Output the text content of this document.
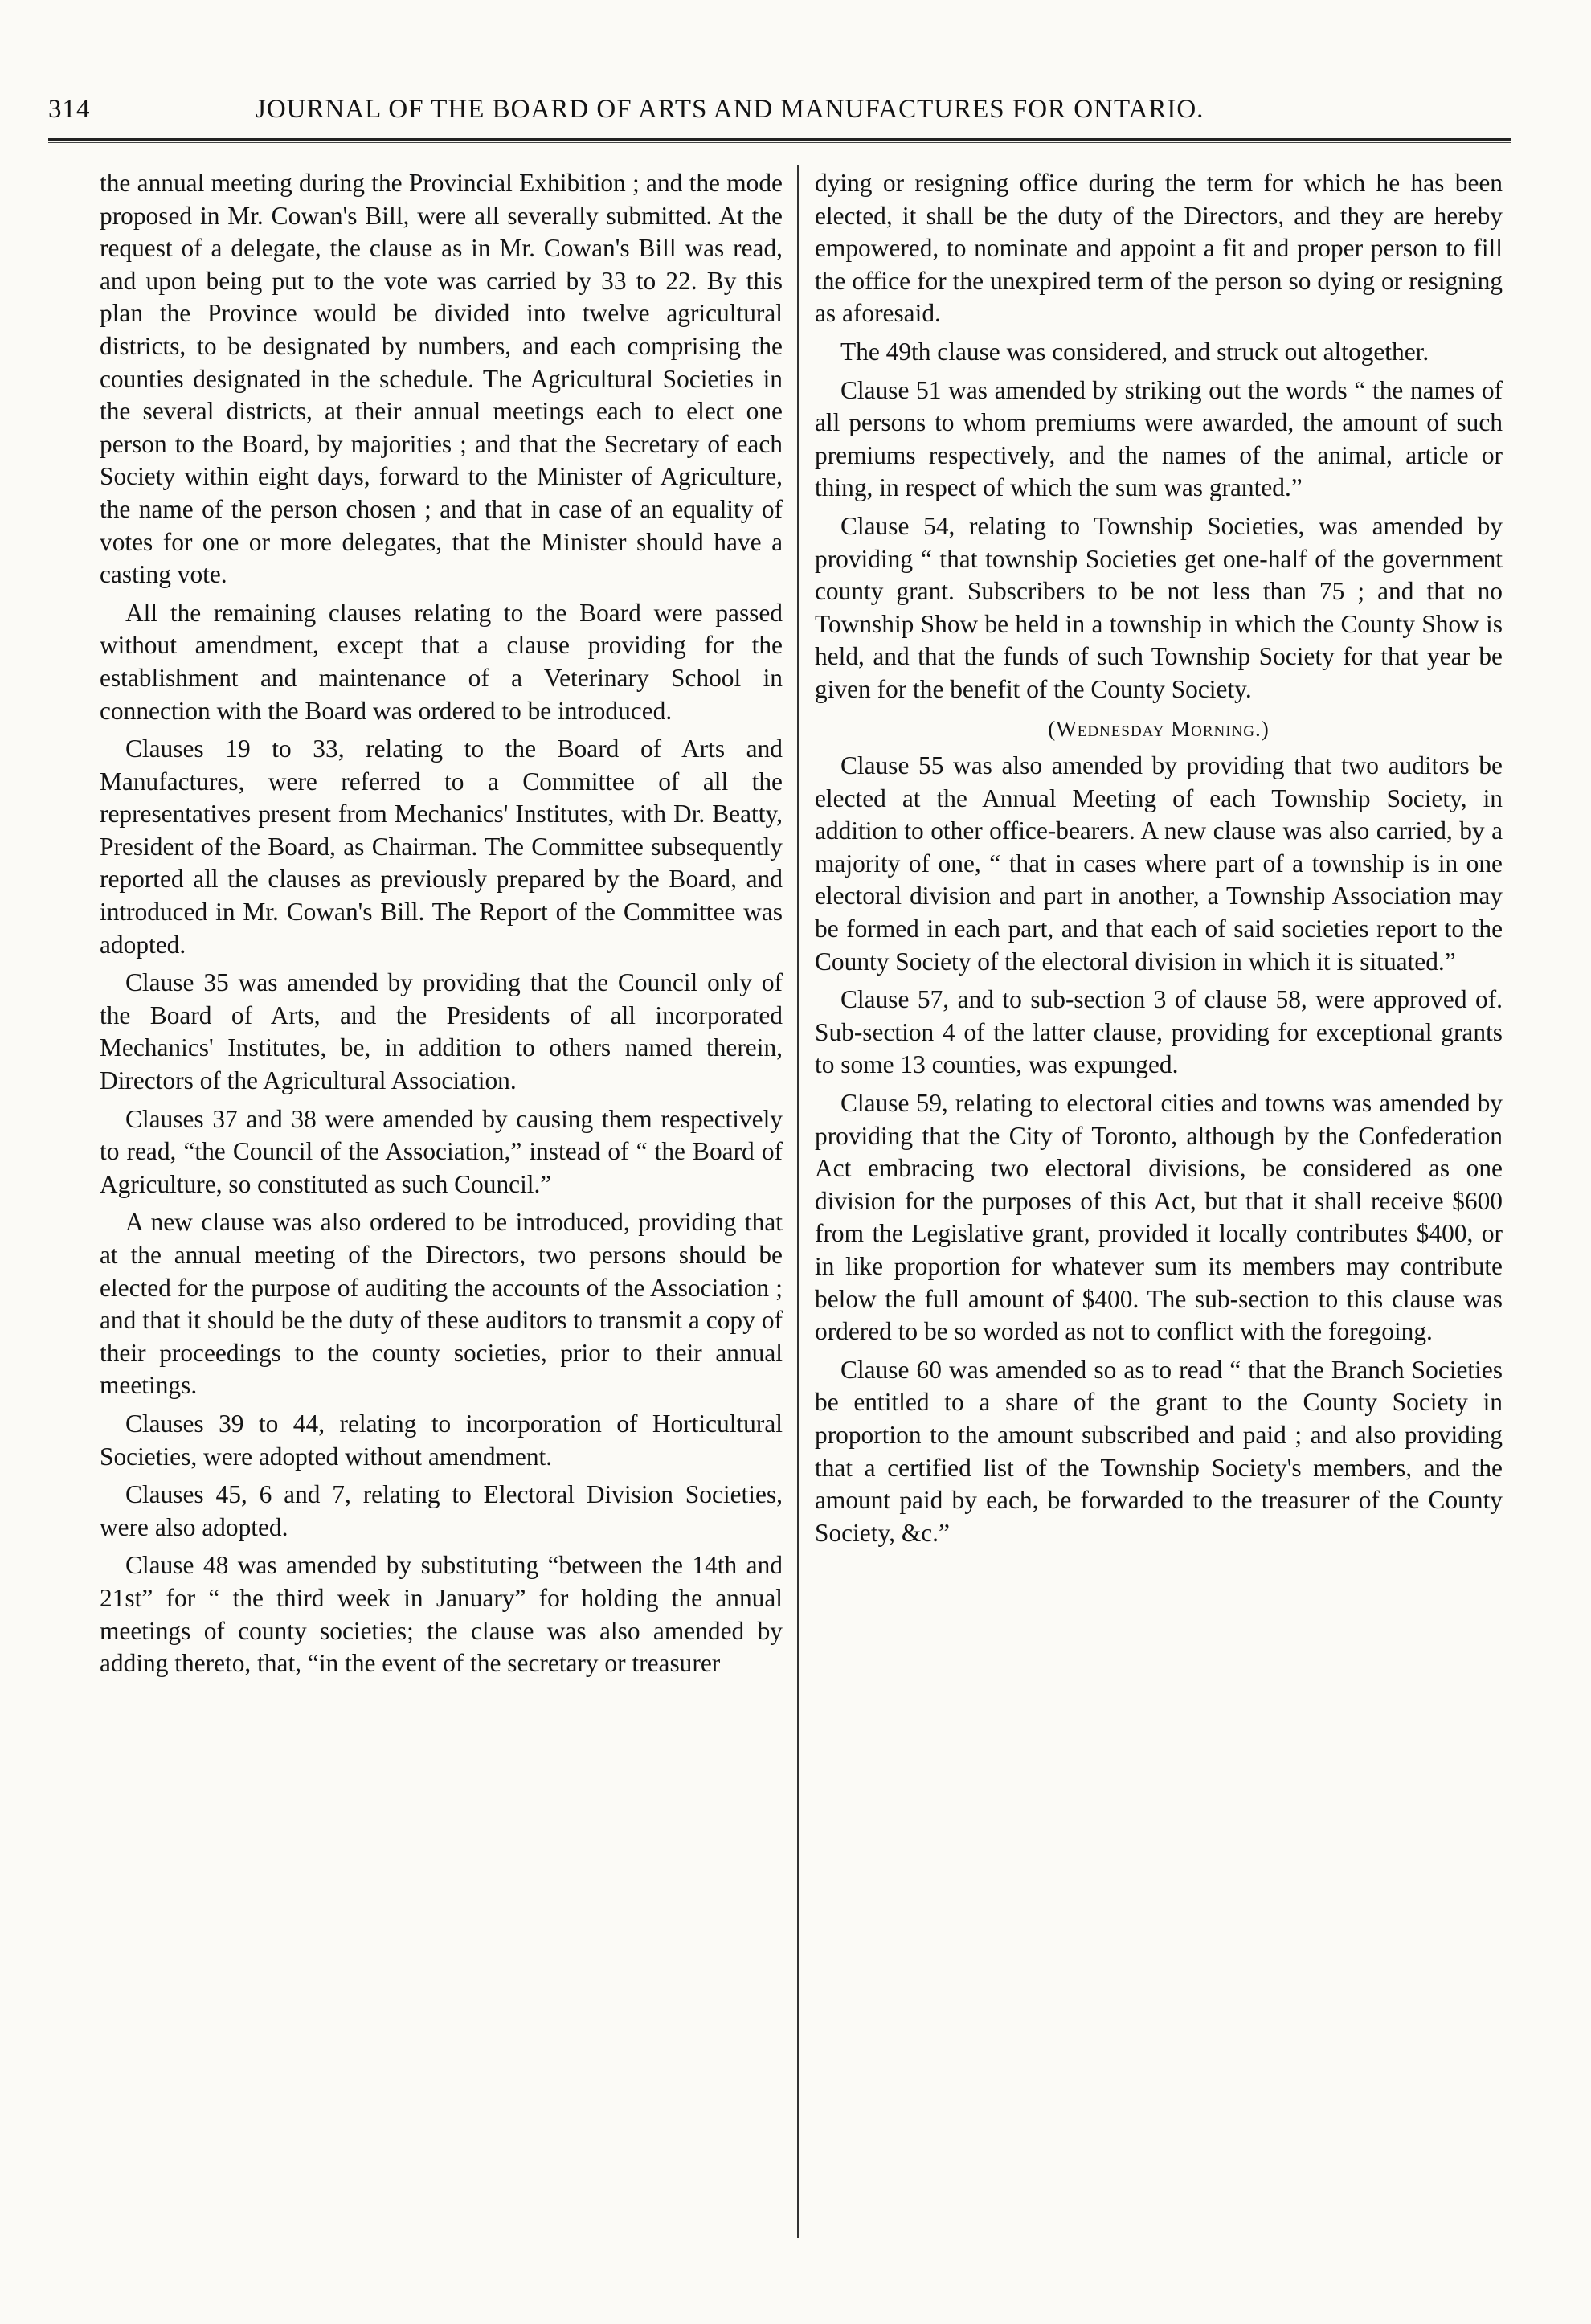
314	JOURNAL OF THE BOARD OF ARTS AND MANUFACTURES FOR ONTARIO.

the annual meeting during the Provincial Exhibition ; and the mode proposed in Mr. Cowan's Bill, were all severally submitted. At the request of a delegate, the clause as in Mr. Cowan's Bill was read, and upon being put to the vote was carried by 33 to 22. By this plan the Province would be divided into twelve agricultural districts, to be designated by numbers, and each comprising the counties designated in the schedule. The Agricultural Societies in the several districts, at their annual meetings each to elect one person to the Board, by majorities ; and that the Secretary of each Society within eight days, forward to the Minister of Agriculture, the name of the person chosen ; and that in case of an equality of votes for one or more delegates, that the Minister should have a casting vote.

All the remaining clauses relating to the Board were passed without amendment, except that a clause providing for the establishment and maintenance of a Veterinary School in connection with the Board was ordered to be introduced.

Clauses 19 to 33, relating to the Board of Arts and Manufactures, were referred to a Committee of all the representatives present from Mechanics' Institutes, with Dr. Beatty, President of the Board, as Chairman. The Committee subsequently reported all the clauses as previously prepared by the Board, and introduced in Mr. Cowan's Bill. The Report of the Committee was adopted.

Clause 35 was amended by providing that the Council only of the Board of Arts, and the Presidents of all incorporated Mechanics' Institutes, be, in addition to others named therein, Directors of the Agricultural Association.

Clauses 37 and 38 were amended by causing them respectively to read, “the Council of the Association,” instead of “ the Board of Agriculture, so constituted as such Council.”

A new clause was also ordered to be introduced, providing that at the annual meeting of the Directors, two persons should be elected for the purpose of auditing the accounts of the Association ; and that it should be the duty of these auditors to transmit a copy of their proceedings to the county societies, prior to their annual meetings.

Clauses 39 to 44, relating to incorporation of Horticultural Societies, were adopted without amendment.

Clauses 45, 6 and 7, relating to Electoral Division Societies, were also adopted.

Clause 48 was amended by substituting “between the 14th and 21st” for “ the third week in January” for holding the annual meetings of county societies; the clause was also amended by adding thereto, that, “in the event of the secretary or treasurer

dying or resigning office during the term for which he has been elected, it shall be the duty of the Directors, and they are hereby empowered, to nominate and appoint a fit and proper person to fill the office for the unexpired term of the person so dying or resigning as aforesaid.

The 49th clause was considered, and struck out altogether.

Clause 51 was amended by striking out the words “ the names of all persons to whom premiums were awarded, the amount of such premiums respectively, and the names of the animal, article or thing, in respect of which the sum was granted.”

Clause 54, relating to Township Societies, was amended by providing “ that township Societies get one-half of the government county grant. Subscribers to be not less than 75 ; and that no Township Show be held in a township in which the County Show is held, and that the funds of such Township Society for that year be given for the benefit of the County Society.

(Wednesday Morning.)

Clause 55 was also amended by providing that two auditors be elected at the Annual Meeting of each Township Society, in addition to other office-bearers. A new clause was also carried, by a majority of one, “ that in cases where part of a township is in one electoral division and part in another, a Township Association may be formed in each part, and that each of said societies report to the County Society of the electoral division in which it is situated.”

Clause 57, and to sub-section 3 of clause 58, were approved of. Sub-section 4 of the latter clause, providing for exceptional grants to some 13 counties, was expunged.

Clause 59, relating to electoral cities and towns was amended by providing that the City of Toronto, although by the Confederation Act embracing two electoral divisions, be considered as one division for the purposes of this Act, but that it shall receive $600 from the Legislative grant, provided it locally contributes $400, or in like proportion for whatever sum its members may contribute below the full amount of $400. The sub-section to this clause was ordered to be so worded as not to conflict with the foregoing.

Clause 60 was amended so as to read “ that the Branch Societies be entitled to a share of the grant to the County Society in proportion to the amount subscribed and paid ; and also providing that a certified list of the Township Society's members, and the amount paid by each, be forwarded to the treasurer of the County Society, &c.”
